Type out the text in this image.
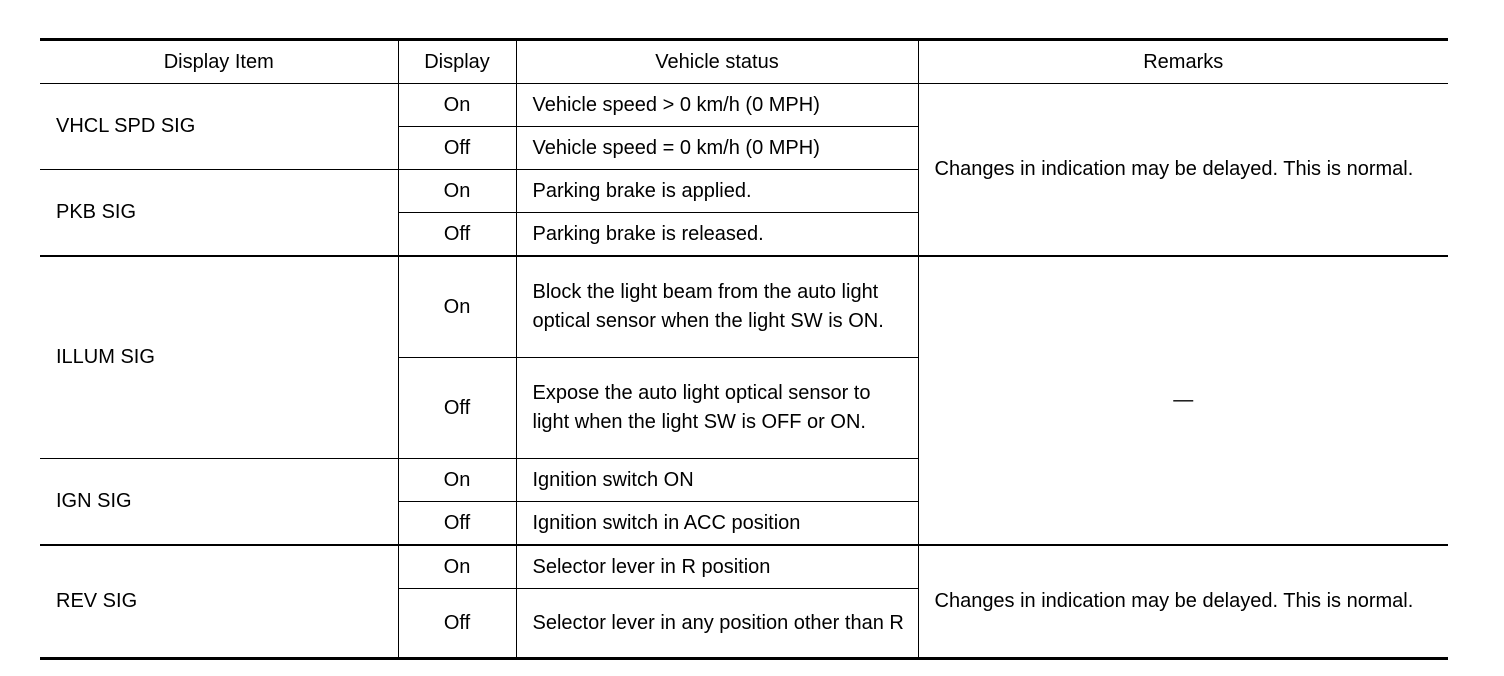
Display Item	Display	Vehicle status	Remarks
VHCL SPD SIG	On	Vehicle speed > 0 km/h (0 MPH)	Changes in indication may be delayed. This is normal.
	Off	Vehicle speed = 0 km/h (0 MPH)	
PKB SIG	On	Parking brake is applied.	
	Off	Parking brake is released.	
ILLUM SIG	On	Block the light beam from the auto light optical sensor when the light SW is ON.	—
	Off	Expose the auto light optical sensor to light when the light SW is OFF or ON.	
IGN SIG	On	Ignition switch ON	
	Off	Ignition switch in ACC position	
REV SIG	On	Selector lever in R position	Changes in indication may be delayed. This is normal.
	Off	Selector lever in any position other than R	
